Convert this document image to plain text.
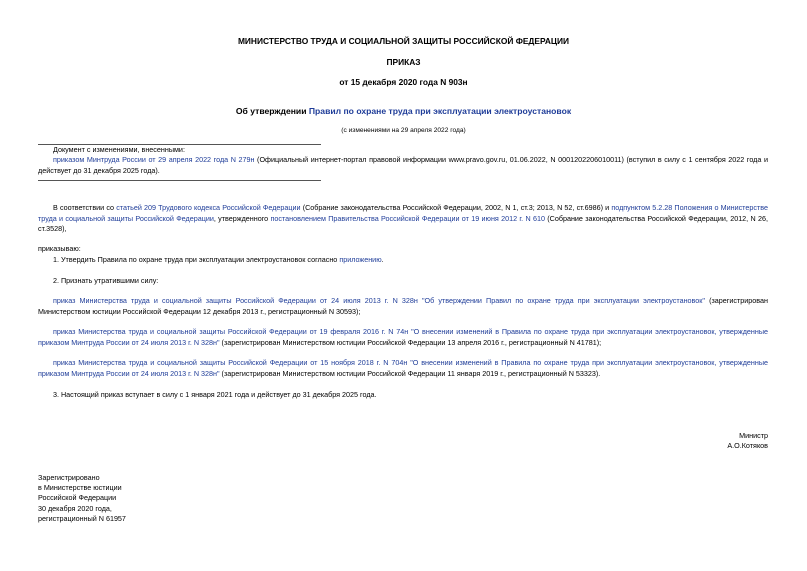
МИНИСТЕРСТВО ТРУДА И СОЦИАЛЬНОЙ ЗАЩИТЫ РОССИЙСКОЙ ФЕДЕРАЦИИ
ПРИКАЗ
от 15 декабря 2020 года N 903н
Об утверждении Правил по охране труда при эксплуатации электроустановок
(с изменениями на 29 апреля 2022 года)
Документ с изменениями, внесенными:
приказом Минтруда России от 29 апреля 2022 года N 279н (Официальный интернет-портал правовой информации www.pravo.gov.ru, 01.06.2022, N 0001202206010011) (вступил в силу с 1 сентября 2022 года и действует до 31 декабря 2025 года).
В соответствии со статьей 209 Трудового кодекса Российской Федерации (Собрание законодательства Российской Федерации, 2002, N 1, ст.3; 2013, N 52, ст.6986) и подпунктом 5.2.28 Положения о Министерстве труда и социальной защиты Российской Федерации, утвержденного постановлением Правительства Российской Федерации от 19 июня 2012 г. N 610 (Собрание законодательства Российской Федерации, 2012, N 26, ст.3528),
приказываю:
1. Утвердить Правила по охране труда при эксплуатации электроустановок согласно приложению.
2. Признать утратившими силу:
приказ Министерства труда и социальной защиты Российской Федерации от 24 июля 2013 г. N 328н "Об утверждении Правил по охране труда при эксплуатации электроустановок" (зарегистрирован Министерством юстиции Российской Федерации 12 декабря 2013 г., регистрационный N 30593);
приказ Министерства труда и социальной защиты Российской Федерации от 19 февраля 2016 г. N 74н "О внесении изменений в Правила по охране труда при эксплуатации электроустановок, утвержденные приказом Минтруда России от 24 июля 2013 г. N 328н" (зарегистрирован Министерством юстиции Российской Федерации 13 апреля 2016 г., регистрационный N 41781);
приказ Министерства труда и социальной защиты Российской Федерации от 15 ноября 2018 г. N 704н "О внесении изменений в Правила по охране труда при эксплуатации электроустановок, утвержденные приказом Минтруда России от 24 июля 2013 г. N 328н" (зарегистрирован Министерством юстиции Российской Федерации 11 января 2019 г., регистрационный N 53323).
3. Настоящий приказ вступает в силу с 1 января 2021 года и действует до 31 декабря 2025 года.
Министр
А.О.Котяков
Зарегистрировано
в Министерстве юстиции
Российской Федерации
30 декабря 2020 года,
регистрационный N 61957
